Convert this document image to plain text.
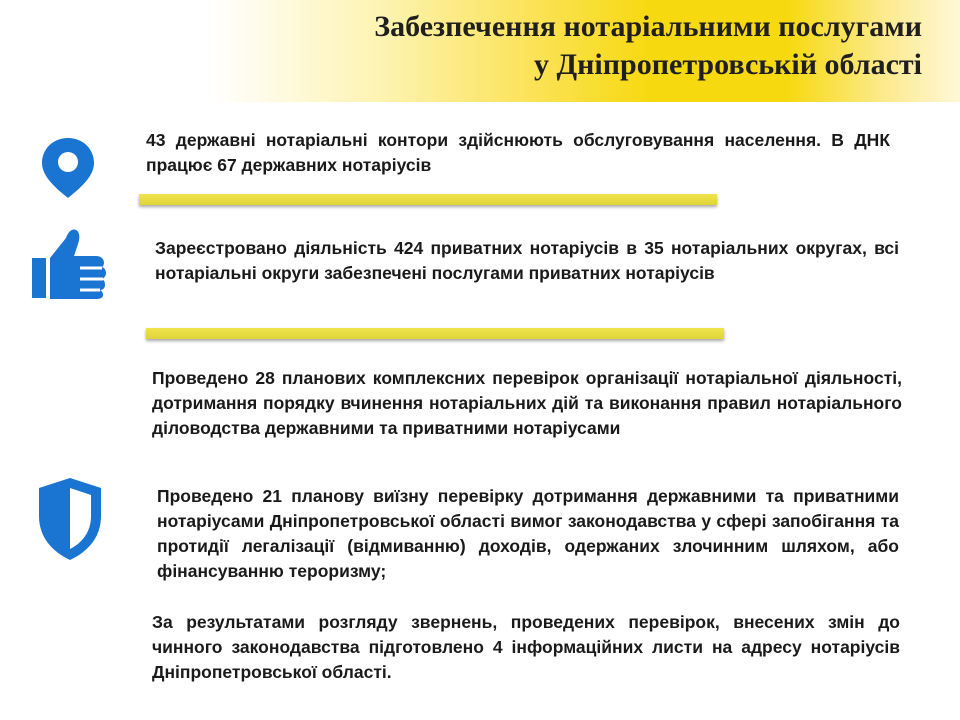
Забезпечення нотаріальними послугами
у Дніпропетровській області

43 державні нотаріальні контори здійснюють обслуговування населення. В ДНК працює 67 державних нотаріусів

Зареєстровано діяльність 424 приватних нотаріусів в 35 нотаріальних округах, всі нотаріальні округи забезпечені послугами приватних нотаріусів

Проведено 28 планових комплексних перевірок організації нотаріальної діяльності, дотримання порядку вчинення нотаріальних дій та виконання правил нотаріального діловодства державними та приватними нотаріусами

Проведено 21 планову виїзну перевірку дотримання державними та приватними нотаріусами Дніпропетровської області вимог законодавства у сфері запобігання та протидії легалізації (відмиванню) доходів, одержаних злочинним шляхом, або фінансуванню тероризму;

За результатами розгляду звернень, проведених перевірок, внесених змін до чинного законодавства підготовлено 4 інформаційних листи на адресу нотаріусів Дніпропетровської області.
